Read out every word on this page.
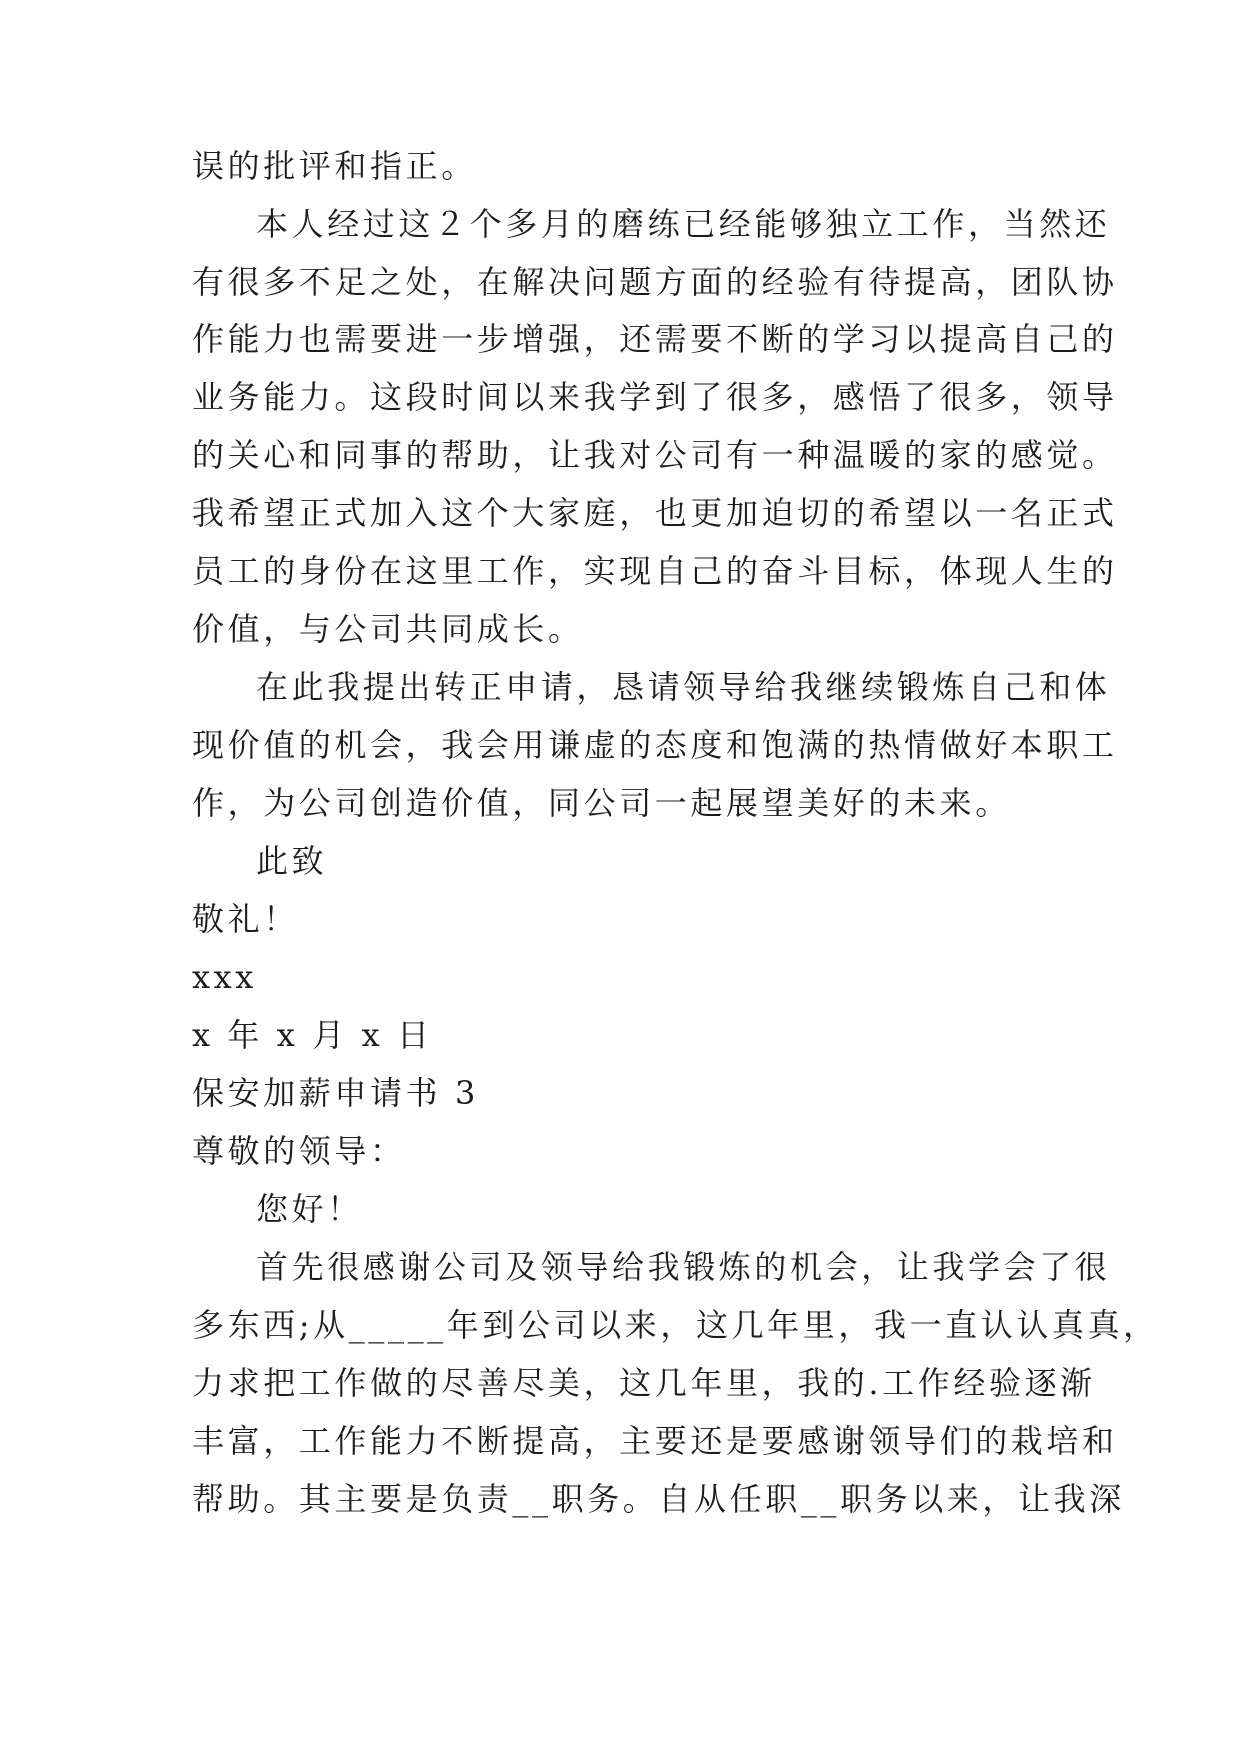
误的批评和指正。
本人经过这２个多月的磨练已经能够独立工作，当然还
有很多不足之处，在解决问题方面的经验有待提高，团队协
作能力也需要进一步增强，还需要不断的学习以提高自己的
业务能力。这段时间以来我学到了很多，感悟了很多，领导
的关心和同事的帮助，让我对公司有一种温暖的家的感觉。
我希望正式加入这个大家庭，也更加迫切的希望以一名正式
员工的身份在这里工作，实现自己的奋斗目标，体现人生的
价值，与公司共同成长。
在此我提出转正申请，恳请领导给我继续锻炼自己和体
现价值的机会，我会用谦虚的态度和饱满的热情做好本职工
作，为公司创造价值，同公司一起展望美好的未来。
此致
敬礼！
xxx
x 年 x 月 x 日
保安加薪申请书 3
尊敬的领导：
您好！
首先很感谢公司及领导给我锻炼的机会，让我学会了很
多东西;从_____年到公司以来，这几年里，我一直认认真真，
力求把工作做的尽善尽美，这几年里，我的.工作经验逐渐
丰富，工作能力不断提高，主要还是要感谢领导们的栽培和
帮助。其主要是负责__职务。自从任职__职务以来，让我深
